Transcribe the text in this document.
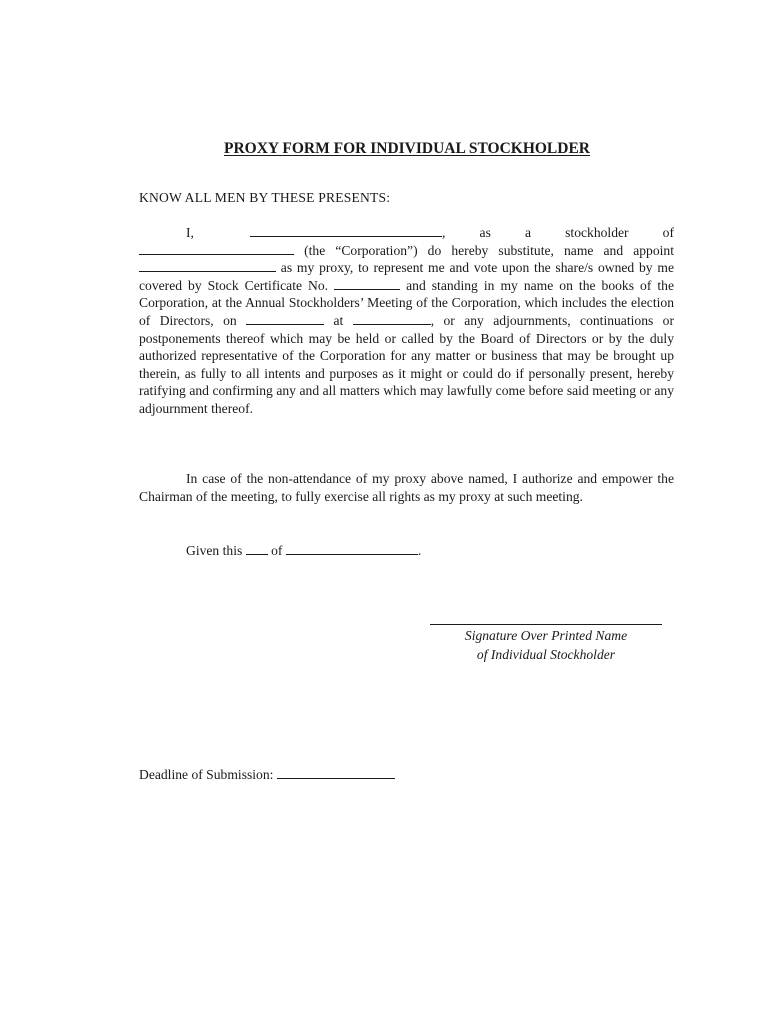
PROXY FORM FOR INDIVIDUAL STOCKHOLDER
KNOW ALL MEN BY THESE PRESENTS:
I,	, as a stockholder of  (the “Corporation”) do hereby substitute, name and appoint  as my proxy, to represent me and vote upon the share/s owned by me covered by Stock Certificate No.	and standing in my name on the books of the Corporation, at the Annual Stockholders’ Meeting of the Corporation, which includes the election of Directors, on	at	, or any adjournments, continuations or postponements thereof which may be held or called by the Board of Directors or by the duly authorized representative of the Corporation for any matter or business that may be brought up therein, as fully to all intents and purposes as it might or could do if personally present, hereby ratifying and confirming any and all matters which may lawfully come before said meeting or any adjournment thereof.
In case of the non-attendance of my proxy above named, I authorize and empower the Chairman of the meeting, to fully exercise all rights as my proxy at such meeting.
Given this of	.
Signature Over Printed Name
of Individual Stockholder
Deadline of Submission:
